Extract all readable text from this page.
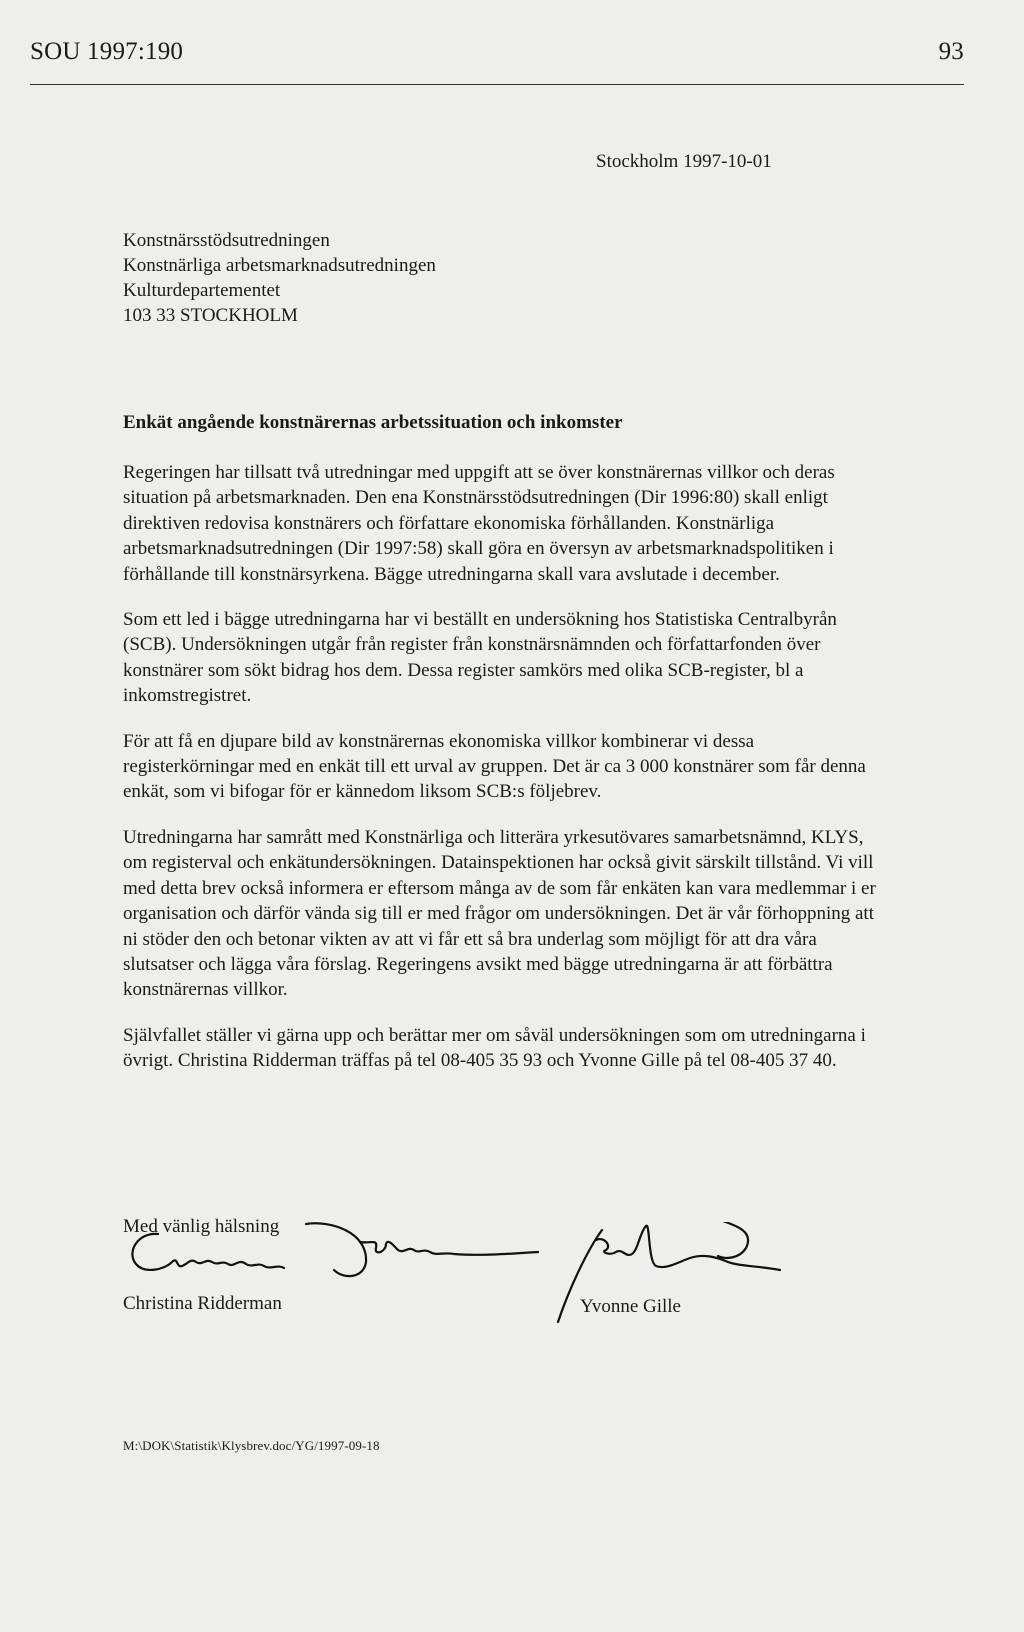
SOU 1997:190	93
Stockholm 1997-10-01
Konstnärsstödsutredningen
Konstnärliga arbetsmarknadsutredningen
Kulturdepartementet
103 33 STOCKHOLM
Enkät angående konstnärernas arbetssituation och inkomster

Regeringen har tillsatt två utredningar med uppgift att se över konstnärernas villkor och deras situation på arbetsmarknaden. Den ena Konstnärsstödsutredningen (Dir 1996:80) skall enligt direktiven redovisa konstnärers och författare ekonomiska förhållanden. Konstnärliga arbetsmarknadsutredningen (Dir 1997:58) skall göra en översyn av arbetsmarknadspolitiken i förhållande till konstnärsyrkena. Bägge utredningarna skall vara avslutade i december.

Som ett led i bägge utredningarna har vi beställt en undersökning hos Statistiska Centralbyrån (SCB). Undersökningen utgår från register från konstnärsnämnden och författarfonden över konstnärer som sökt bidrag hos dem. Dessa register samkörs med olika SCB-register, bl a inkomstregistret.

För att få en djupare bild av konstnärernas ekonomiska villkor kombinerar vi dessa registerkörningar med en enkät till ett urval av gruppen. Det är ca 3 000 konstnärer som får denna enkät, som vi bifogar för er kännedom liksom SCB:s följebrev.

Utredningarna har samrått med Konstnärliga och litterära yrkesutövares samarbetsnämnd, KLYS, om registerval och enkätundersökningen. Datainspektionen har också givit särskilt tillstånd. Vi vill med detta brev också informera er eftersom många av de som får enkäten kan vara medlemmar i er organisation och därför vända sig till er med frågor om undersökningen. Det är vår förhoppning att ni stöder den och betonar vikten av att vi får ett så bra underlag som möjligt för att dra våra slutsatser och lägga våra förslag. Regeringens avsikt med bägge utredningarna är att förbättra konstnärernas villkor.

Självfallet ställer vi gärna upp och berättar mer om såväl undersökningen som om utredningarna i övrigt. Christina Ridderman träffas på tel 08-405 35 93 och Yvonne Gille på tel 08-405 37 40.

Med vänlig hälsning
Christina Ridderman	Yvonne Gille
M:\DOK\Statistik\Klysbrev.doc/YG/1997-09-18
